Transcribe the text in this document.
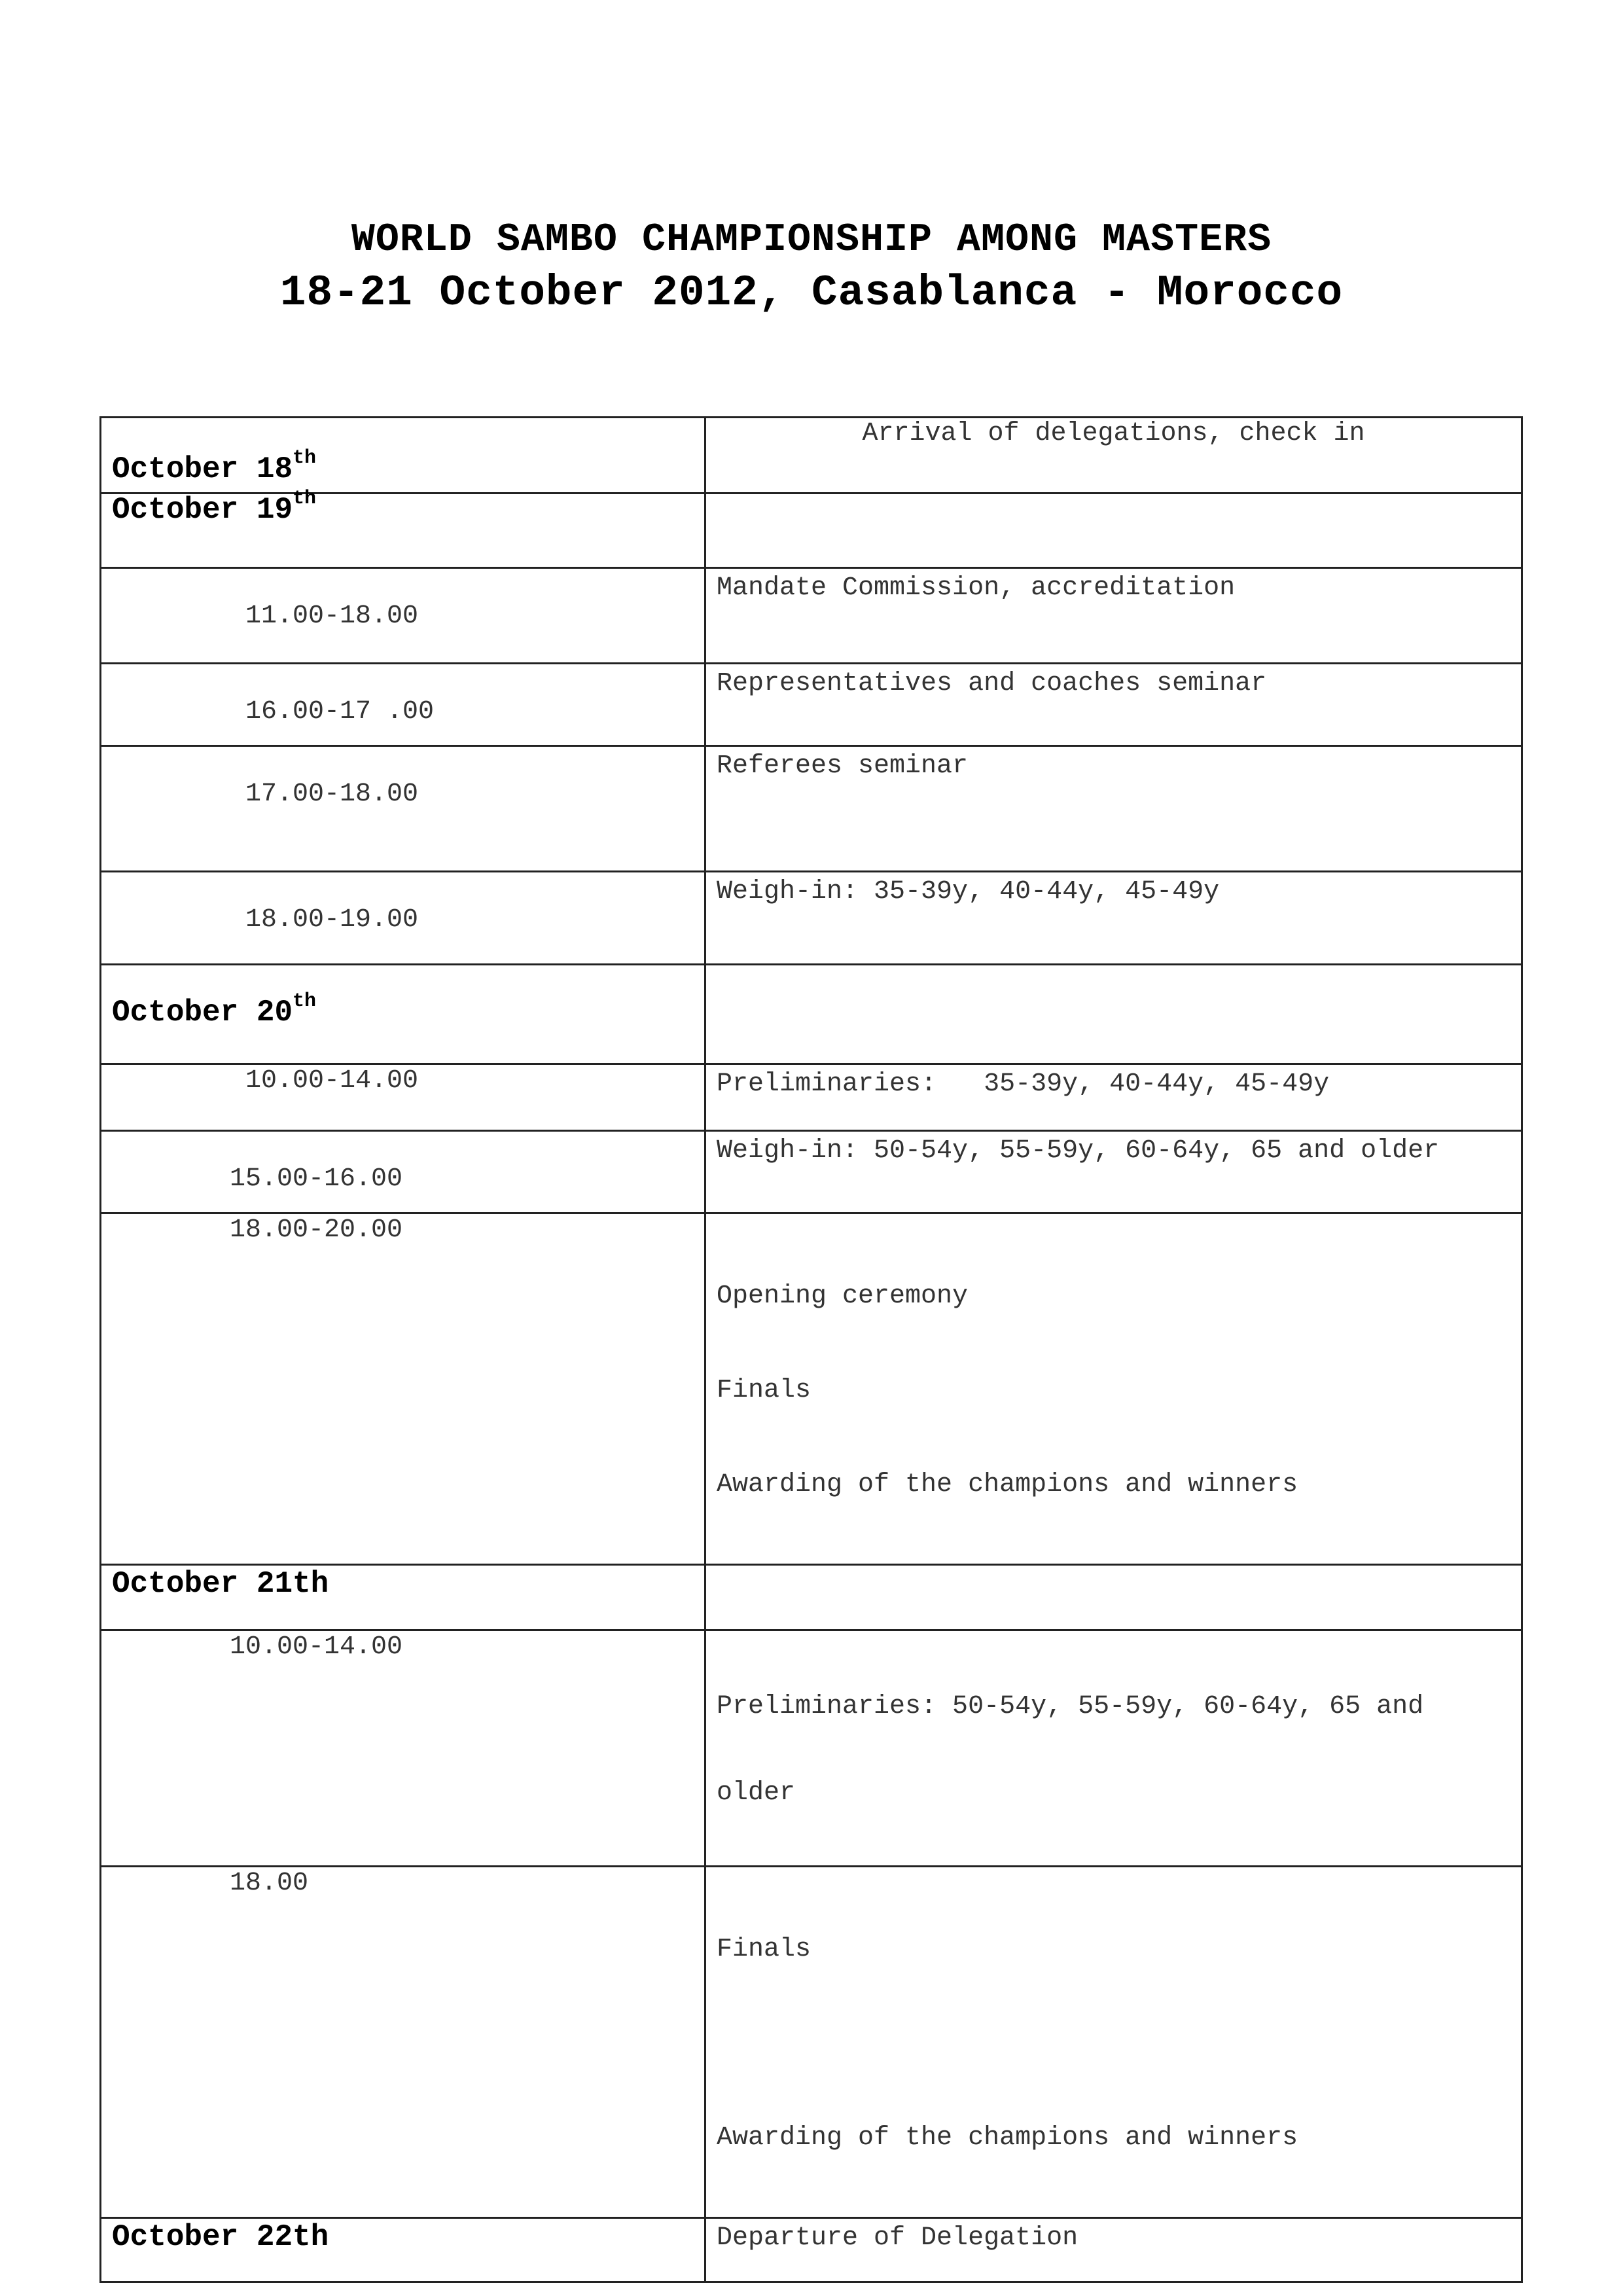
WORLD SAMBO CHAMPIONSHIP AMONG MASTERS
18-21 October 2012, Casablanca - Morocco
October 18th	Arrival of delegations, check in

October 19th

11.00-18.00	Mandate Commission, accreditation

16.00-17 .00	Representatives and coaches seminar

17.00-18.00	Referees seminar

18.00-19.00	Weigh-in: 35-39y, 40-44y, 45-49y

October 20th

10.00-14.00	Preliminaries:   35-39y, 40-44y, 45-49y

15.00-16.00	Weigh-in: 50-54y, 55-59y, 60-64y, 65 and older

18.00-20.00	Opening ceremony

Finals

Awarding of the champions and winners

October 21th	

10.00-14.00	Preliminaries: 50-54y, 55-59y, 60-64y, 65 and

older

18.00	Finals

Awarding of the champions and winners

October 22th	Departure of Delegation
